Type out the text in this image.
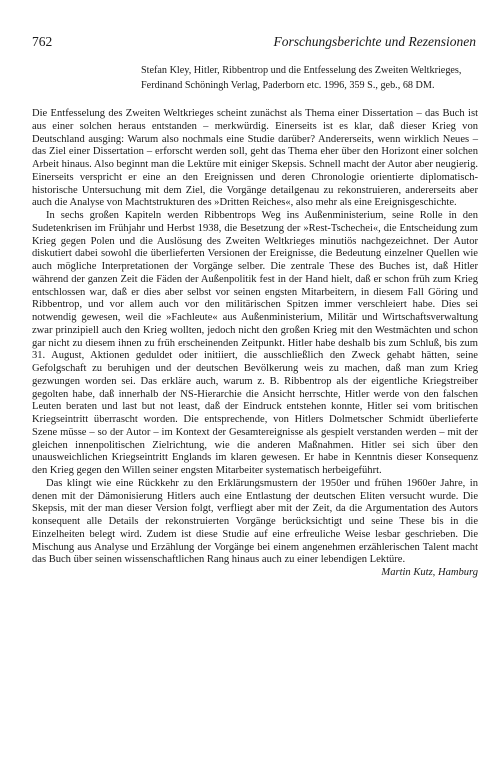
762	Forschungsberichte und Rezensionen

Stefan Kley, Hitler, Ribbentrop und die Entfesselung des Zweiten Weltkrieges,

Ferdinand Schöningh Verlag, Paderborn etc. 1996, 359 S., geb., 68 DM.

Die Entfesselung des Zweiten Weltkrieges scheint zunächst als Thema einer Dissertation – das Buch ist aus einer solchen heraus entstanden – merkwürdig. Einerseits ist es klar, daß dieser Krieg von Deutschland ausging: Warum also nochmals eine Studie darüber? Andererseits, wenn wirklich Neues – das Ziel einer Dissertation – erforscht werden soll, geht das Thema eher über den Horizont einer solchen Arbeit hinaus. Also beginnt man die Lektüre mit einiger Skepsis. Schnell macht der Autor aber neugierig. Einerseits verspricht er eine an den Ereignissen und deren Chronologie orientierte diplomatisch-historische Untersuchung mit dem Ziel, die Vorgänge detailgenau zu rekonstruieren, andererseits aber auch die Analyse von Machtstrukturen des »Dritten Reiches«, also mehr als eine Ereignisgeschichte.

In sechs großen Kapiteln werden Ribbentrops Weg ins Außenministerium, seine Rolle in den Sudetenkrisen im Frühjahr und Herbst 1938, die Besetzung der »Rest-Tschechei«, die Entscheidung zum Krieg gegen Polen und die Auslösung des Zweiten Weltkrieges minutiös nachgezeichnet. Der Autor diskutiert dabei sowohl die überlieferten Versionen der Ereignisse, die Bedeutung einzelner Quellen wie auch mögliche Interpretationen der Vorgänge selber. Die zentrale These des Buches ist, daß Hitler während der ganzen Zeit die Fäden der Außenpolitik fest in der Hand hielt, daß er schon früh zum Krieg entschlossen war, daß er dies aber selbst vor seinen engsten Mitarbeitern, in diesem Fall Göring und Ribbentrop, und vor allem auch vor den militärischen Spitzen immer verschleiert habe. Dies sei notwendig gewesen, weil die »Fachleute« aus Außenministerium, Militär und Wirtschaftsverwaltung zwar prinzipiell auch den Krieg wollten, jedoch nicht den großen Krieg mit den Westmächten und schon gar nicht zu diesem ihnen zu früh erscheinenden Zeitpunkt. Hitler habe deshalb bis zum Schluß, bis zum 31. August, Aktionen geduldet oder initiiert, die ausschließlich den Zweck gehabt hätten, seine Gefolgschaft zu beruhigen und der deutschen Bevölkerung weis zu machen, daß man zum Krieg gezwungen worden sei. Das erkläre auch, warum z. B. Ribbentrop als der eigentliche Kriegstreiber gegolten habe, daß innerhalb der NS-Hierarchie die Ansicht herrschte, Hitler werde von den falschen Leuten beraten und last but not least, daß der Eindruck entstehen konnte, Hitler sei vom britischen Kriegseintritt überrascht worden. Die entsprechende, von Hitlers Dolmetscher Schmidt überlieferte Szene müsse – so der Autor – im Kontext der Gesamtereignisse als gespielt verstanden werden – mit der gleichen innenpolitischen Zielrichtung, wie die anderen Maßnahmen. Hitler sei sich über den unausweichlichen Kriegseintritt Englands im klaren gewesen. Er habe in Kenntnis dieser Konsequenz den Krieg gegen den Willen seiner engsten Mitarbeiter systematisch herbeigeführt.

Das klingt wie eine Rückkehr zu den Erklärungsmustern der 1950er und frühen 1960er Jahre, in denen mit der Dämonisierung Hitlers auch eine Entlastung der deutschen Eliten versucht wurde. Die Skepsis, mit der man dieser Version folgt, verfliegt aber mit der Zeit, da die Argumentation des Autors konsequent alle Details der rekonstruierten Vorgänge berücksichtigt und seine These bis in die Einzelheiten belegt wird. Zudem ist diese Studie auf eine erfreuliche Weise lesbar geschrieben. Die Mischung aus Analyse und Erzählung der Vorgänge bei einem angenehmen erzählerischen Talent macht das Buch über seinen wissenschaftlichen Rang hinaus auch zu einer lebendigen Lektüre.

Martin Kutz, Hamburg
